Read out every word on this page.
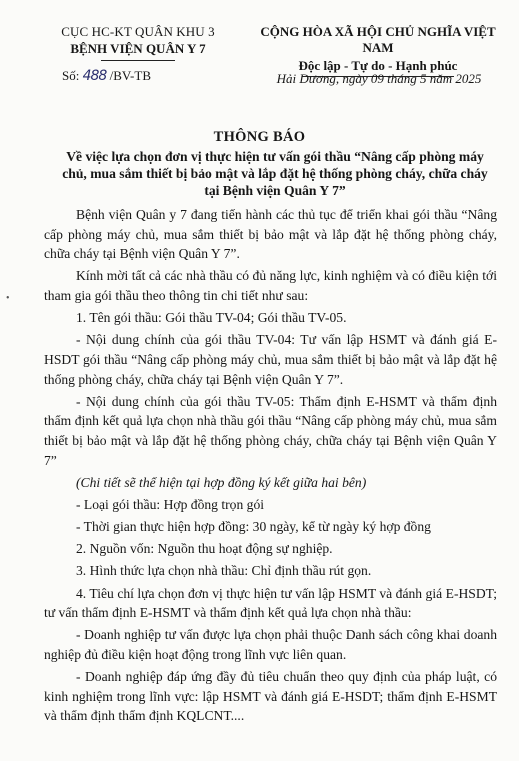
CỤC HC-KT QUÂN KHU 3
BỆNH VIỆN QUÂN Y 7
CỘNG HÒA XÃ HỘI CHỦ NGHĨA VIỆT NAM
Độc lập - Tự do - Hạnh phúc
Số: 488 /BV-TB	Hải Dương, ngày 09 tháng 5 năm 2025
THÔNG BÁO
Về việc lựa chọn đơn vị thực hiện tư vấn gói thầu “Nâng cấp phòng máy chủ, mua sắm thiết bị bảo mật và lắp đặt hệ thống phòng cháy, chữa cháy tại Bệnh viện Quân Y 7”
•

Bệnh viện Quân y 7 đang tiến hành các thủ tục để triển khai gói thầu “Nâng cấp phòng máy chủ, mua sắm thiết bị bảo mật và lắp đặt hệ thống phòng cháy, chữa cháy tại Bệnh viện Quân Y 7”.

Kính mời tất cả các nhà thầu có đủ năng lực, kinh nghiệm và có điều kiện tới tham gia gói thầu theo thông tin chi tiết như sau:

1. Tên gói thầu: Gói thầu TV-04; Gói thầu TV-05.

- Nội dung chính của gói thầu TV-04: Tư vấn lập HSMT và đánh giá E-HSDT gói thầu “Nâng cấp phòng máy chủ, mua sắm thiết bị bảo mật và lắp đặt hệ thống phòng cháy, chữa cháy tại Bệnh viện Quân Y 7”.

- Nội dung chính của gói thầu TV-05: Thẩm định E-HSMT và thẩm định thẩm định kết quả lựa chọn nhà thầu gói thầu “Nâng cấp phòng máy chủ, mua sắm thiết bị bảo mật và lắp đặt hệ thống phòng cháy, chữa cháy tại Bệnh viện Quân Y 7”

(Chi tiết sẽ thể hiện tại hợp đồng ký kết giữa hai bên)

- Loại gói thầu: Hợp đồng trọn gói

- Thời gian thực hiện hợp đồng: 30 ngày, kể từ ngày ký hợp đồng

2. Nguồn vốn: Nguồn thu hoạt động sự nghiệp.

3. Hình thức lựa chọn nhà thầu: Chỉ định thầu rút gọn.

4. Tiêu chí lựa chọn đơn vị thực hiện tư vấn lập HSMT và đánh giá E-HSDT; tư vấn thẩm định E-HSMT và thẩm định kết quả lựa chọn nhà thầu:

- Doanh nghiệp tư vấn được lựa chọn phải thuộc Danh sách công khai doanh nghiệp đủ điều kiện hoạt động trong lĩnh vực liên quan.

- Doanh nghiệp đáp ứng đầy đủ tiêu chuẩn theo quy định của pháp luật, có kinh nghiệm trong lĩnh vực: lập HSMT và đánh giá E-HSDT; thẩm định E-HSMT và thẩm định thẩm định KQLCNT....
